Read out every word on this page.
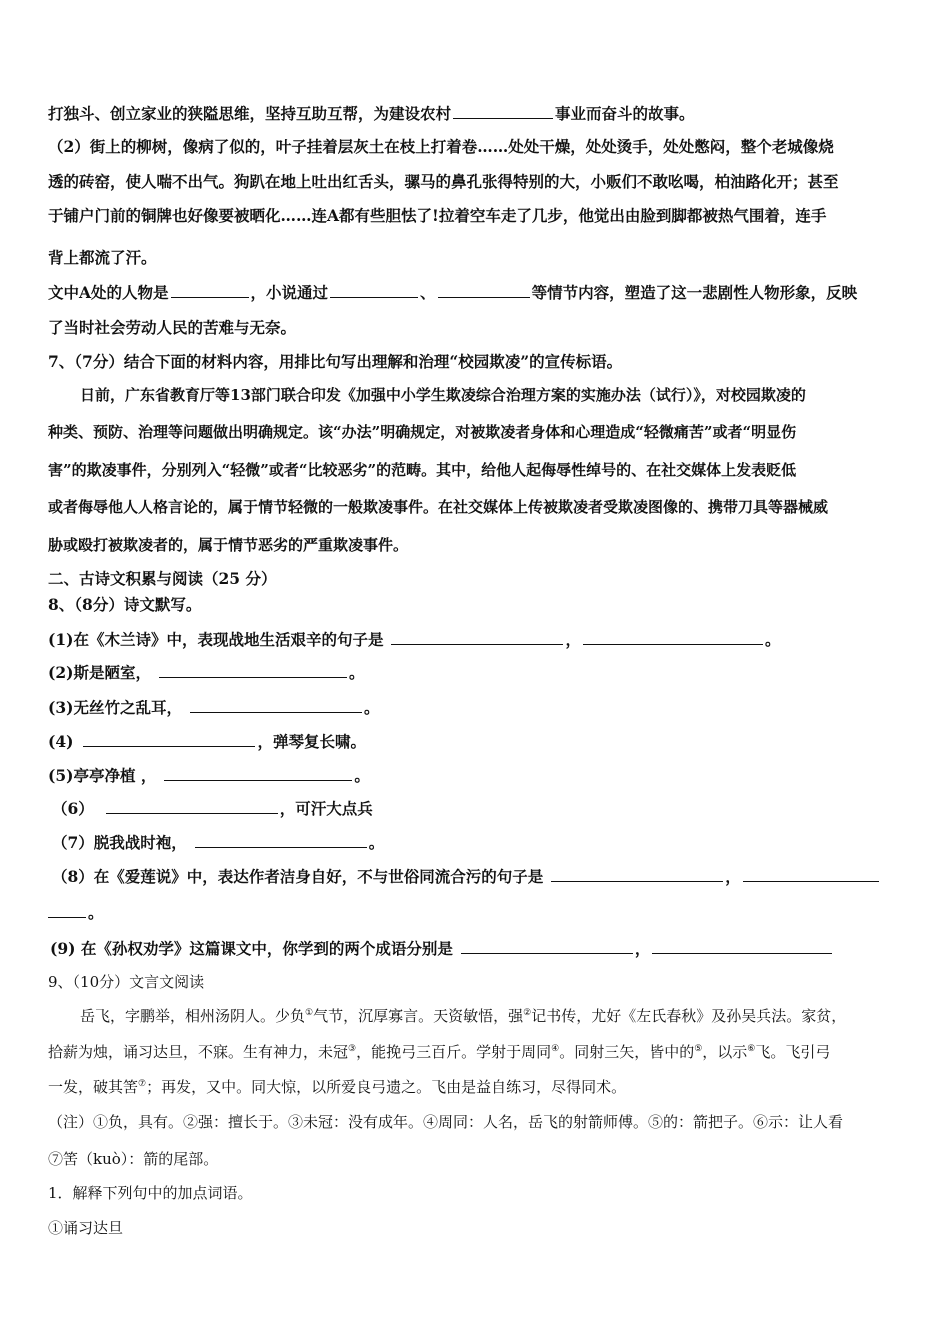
打独斗、创立家业的狭隘思维，坚持互助互帮，为建设农村	事业而奋斗的故事。
（2）街上的柳树，像病了似的，叶子挂着层灰土在枝上打着卷……处处干燥，处处烫手，处处憋闷，整个老城像烧
透的砖窑，使人喘不出气。狗趴在地上吐出红舌头，骡马的鼻孔张得特别的大，小贩们不敢吆喝，柏油路化开；甚至
于铺户门前的铜牌也好像要被晒化……连A都有些胆怯了!拉着空车走了几步，他觉出由脸到脚都被热气围着，连手
背上都流了汗。
文中A处的人物是	，小说通过	、	等情节内容，塑造了这一悲剧性人物形象，反映
了当时社会劳动人民的苦难与无奈。
7、（7分）结合下面的材料内容，用排比句写出理解和治理“校园欺凌”的宣传标语。
日前，广东省教育厅等13部门联合印发《加强中小学生欺凌综合治理方案的实施办法（试行）》，对校园欺凌的
种类、预防、治理等问题做出明确规定。该“办法”明确规定，对被欺凌者身体和心理造成“轻微痛苦”或者“明显伤
害”的欺凌事件，分别列入“轻微”或者“比较恶劣”的范畴。其中，给他人起侮辱性绰号的、在社交媒体上发表贬低
或者侮辱他人人格言论的，属于情节轻微的一般欺凌事件。在社交媒体上传被欺凌者受欺凌图像的、携带刀具等器械威
胁或殴打被欺凌者的，属于情节恶劣的严重欺凌事件。
二、古诗文积累与阅读（25 分）
8、（8分）诗文默写。
(1)在《木兰诗》中，表现战地生活艰辛的句子是	，	。
(2)斯是陋室，	。
(3)无丝竹之乱耳，	。
(4)	，弹琴复长啸。
(5)亭亭净植 ，	。
（6）	，可汗大点兵
（7）脱我战时袍，	。
（8）在《爱莲说》中，表达作者洁身自好，不与世俗同流合污的句子是	，
。
(9) 在《孙权劝学》这篇课文中，你学到的两个成语分别是	，
9、（10分）文言文阅读
岳飞，字鹏举，相州汤阴人。少负①气节，沉厚寡言。天资敏悟，强②记书传，尤好《左氏春秋》及孙吴兵法。家贫，
拾薪为烛，诵习达旦，不寐。生有神力，未冠③，能挽弓三百斤。学射于周同④。同射三矢，皆中的⑤，以示⑥飞。飞引弓
一发，破其筈⑦；再发，又中。同大惊，以所爱良弓遗之。飞由是益自练习，尽得同术。
（注）①负，具有。②强：擅长于。③未冠：没有成年。④周同：人名，岳飞的射箭师傅。⑤的：箭把子。⑥示：让人看
⑦筈（kuò）：箭的尾部。
1．解释下列句中的加点词语。
①诵习达旦
